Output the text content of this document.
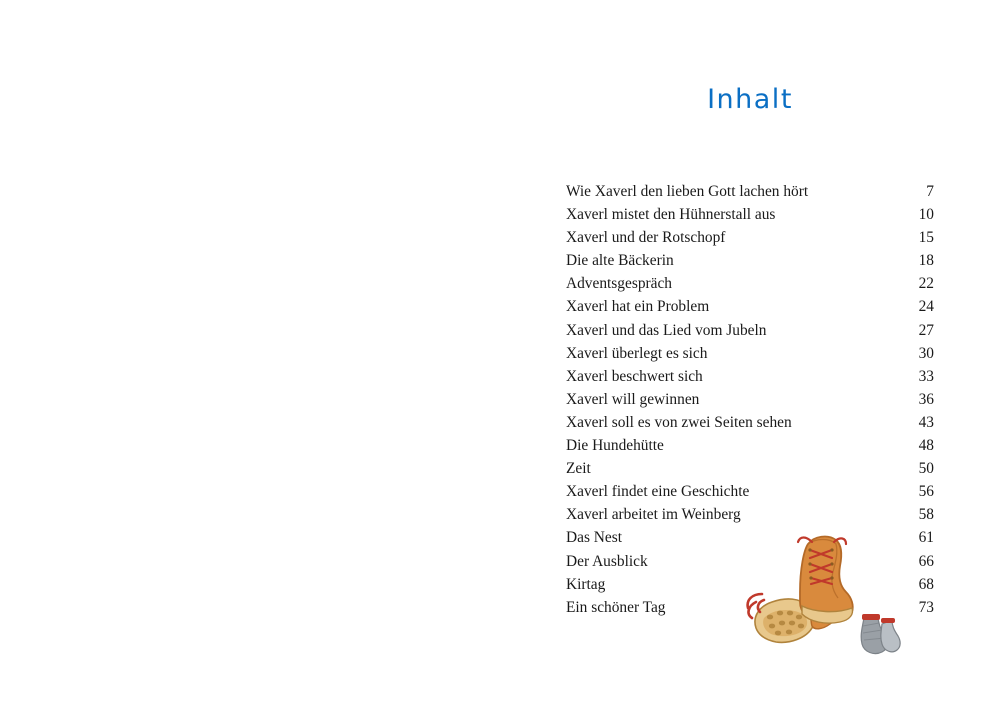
Inhalt
Wie Xaverl den lieben Gott lachen hört	7
Xaverl mistet den Hühnerstall aus	10
Xaverl und der Rotschopf	15
Die alte Bäckerin	18
Adventsgespräch	22
Xaverl hat ein Problem	24
Xaverl und das Lied vom Jubeln	27
Xaverl überlegt es sich	30
Xaverl beschwert sich	33
Xaverl will gewinnen	36
Xaverl soll es von zwei Seiten sehen	43
Die Hundehütte	48
Zeit	50
Xaverl findet eine Geschichte	56
Xaverl arbeitet im Weinberg	58
Das Nest	61
Der Ausblick	66
Kirtag	68
Ein schöner Tag	73
